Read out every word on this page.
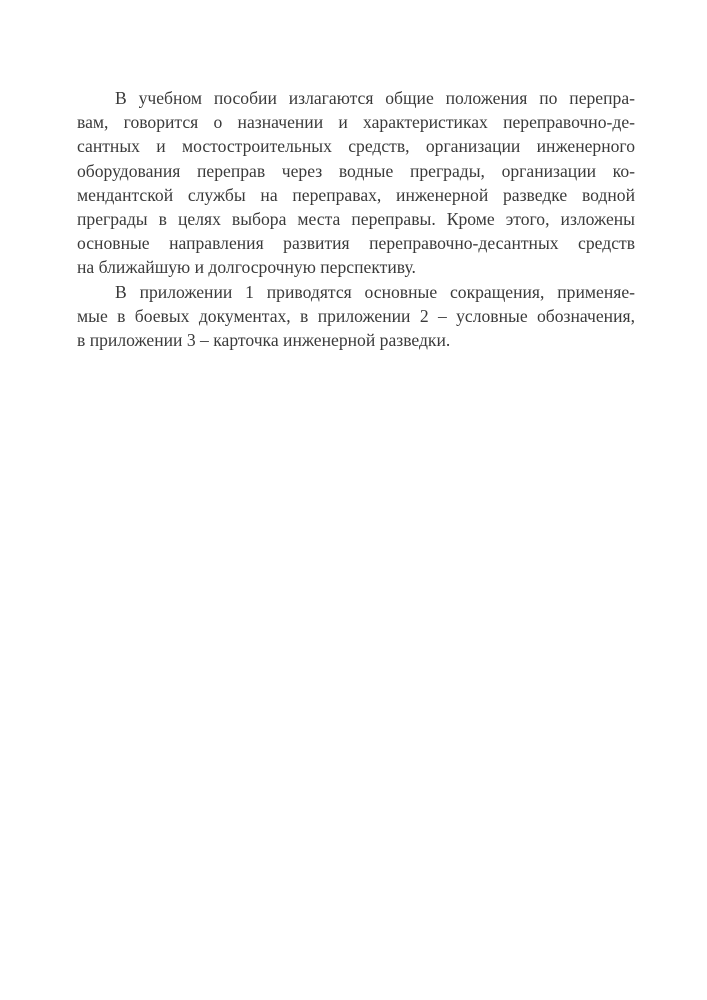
В учебном пособии излагаются общие положения по перепра-
вам, говорится о назначении и характеристиках переправочно-де-
сантных и мостостроительных средств, организации инженерного
оборудования переправ через водные преграды, организации ко-
мендантской службы на переправах, инженерной разведке водной
преграды в целях выбора места переправы. Кроме этого, изложены
основные направления развития переправочно-десантных средств
на ближайшую и долгосрочную перспективу.
В приложении 1 приводятся основные сокращения, применяе-
мые в боевых документах, в приложении 2 – условные обозначения,
в приложении 3 – карточка инженерной разведки.
